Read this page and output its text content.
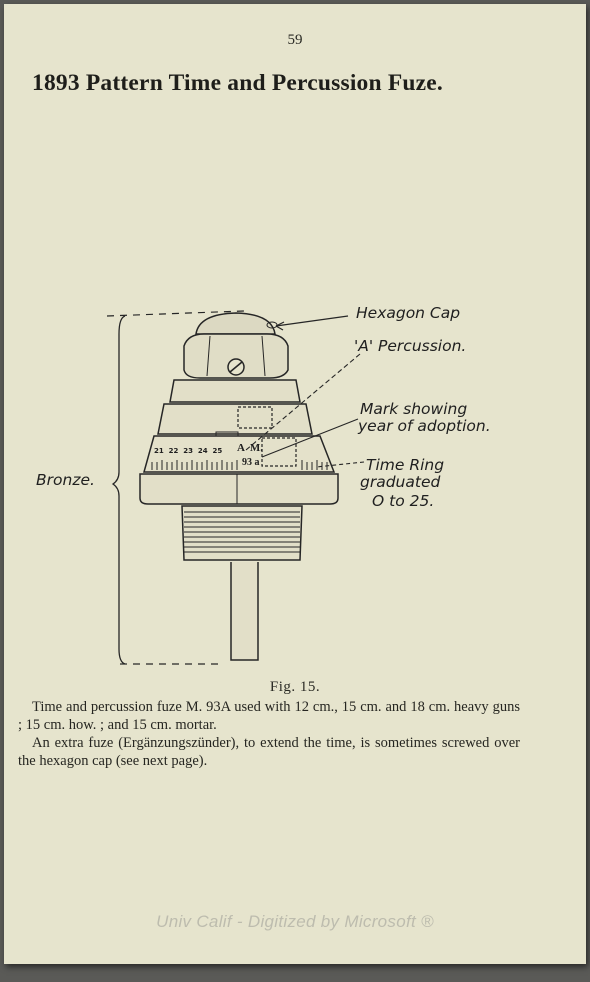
59
1893 Pattern Time and Percussion Fuze.
21  22  23  24  25 A  M.
93 a
Hexagon Cap
'A' Percussion.
Mark showing
year of adoption.
Time Ring
graduated
O to 25.
Bronze.
Fig. 15.

Time and percussion fuze M. 93A used with 12 cm., 15 cm. and 18 cm. heavy guns ; 15 cm. how. ; and 15 cm. mortar.

An extra fuze (Ergänzungszünder), to extend the time, is sometimes screwed over the hexagon cap (see next page).

Univ Calif - Digitized by Microsoft ®
